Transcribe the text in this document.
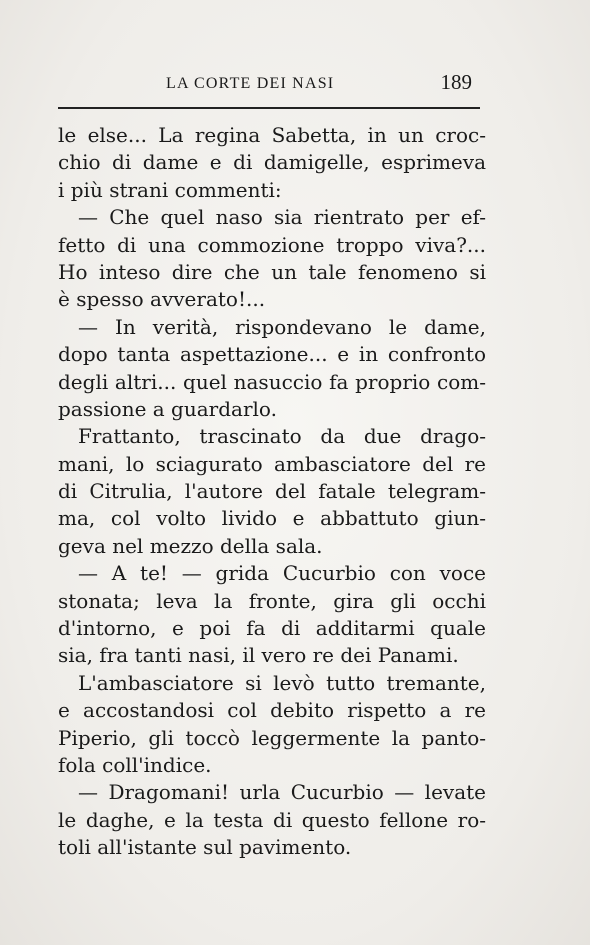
LA CORTE DEI NASI	189
le else... La regina Sabetta, in un croc-
chio di dame e di damigelle, esprimeva
i più strani commenti:
— Che quel naso sia rientrato per ef-
fetto di una commozione troppo viva?...
Ho inteso dire che un tale fenomeno si
è spesso avverato!...
— In verità, rispondevano le dame,
dopo tanta aspettazione... e in confronto
degli altri... quel nasuccio fa proprio com-
passione a guardarlo.
Frattanto, trascinato da due drago-
mani, lo sciagurato ambasciatore del re
di Citrulia, l'autore del fatale telegram-
ma, col volto livido e abbattuto giun-
geva nel mezzo della sala.
— A te! — grida Cucurbio con voce
stonata; leva la fronte, gira gli occhi
d'intorno, e poi fa di additarmi quale
sia, fra tanti nasi, il vero re dei Panami.
L'ambasciatore si levò tutto tremante,
e accostandosi col debito rispetto a re
Piperio, gli toccò leggermente la panto-
fola coll'indice.
— Dragomani! urla Cucurbio — levate
le daghe, e la testa di questo fellone ro-
toli all'istante sul pavimento.
